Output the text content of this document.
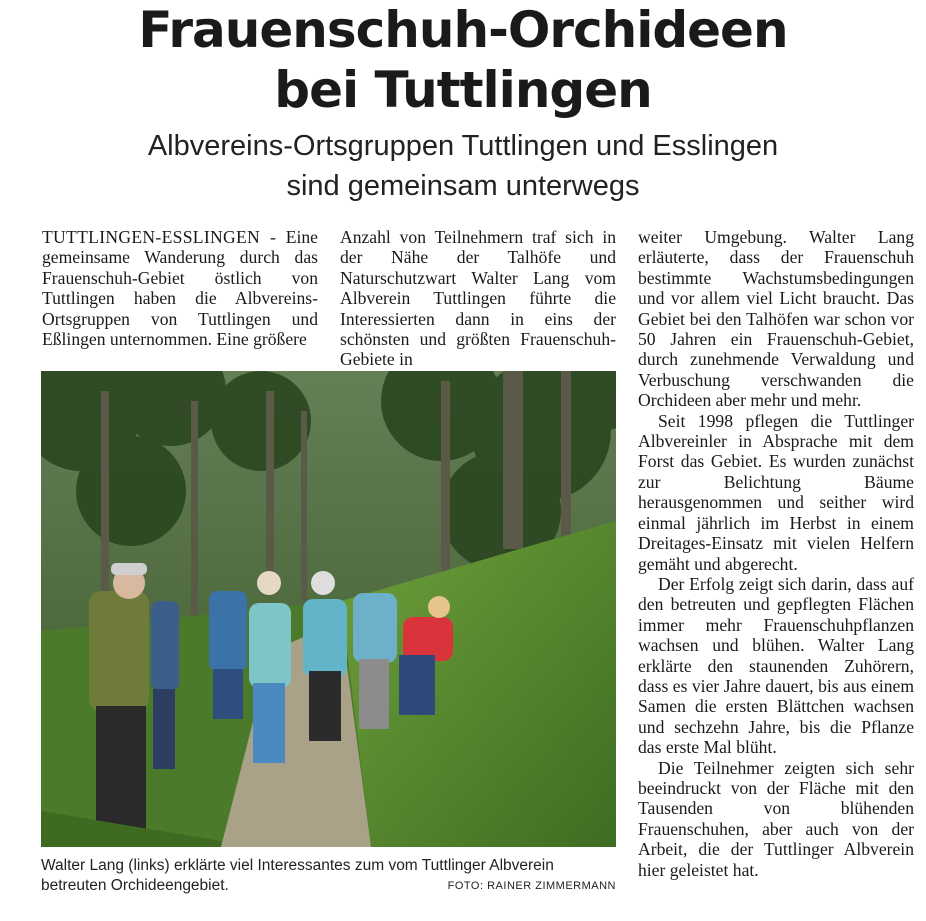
Frauenschuh-Orchideen
bei Tuttlingen
Albvereins-Ortsgruppen Tuttlingen und Esslingen
sind gemeinsam unterwegs

TUTTLINGEN-ESSLINGEN - Eine gemeinsame Wanderung durch das Frauenschuh-Gebiet östlich von Tuttlingen haben die Albvereins-Ortsgruppen von Tuttlingen und Eßlingen unternommen. Eine größere

Anzahl von Teilnehmern traf sich in der Nähe der Talhöfe und Naturschutzwart Walter Lang vom Albverein Tuttlingen führte die Interessierten dann in eins der schönsten und größten Frauenschuh-Gebiete in

weiter Umgebung. Walter Lang erläuterte, dass der Frauenschuh bestimmte Wachstumsbedingungen und vor allem viel Licht braucht. Das Gebiet bei den Talhöfen war schon vor 50 Jahren ein Frauenschuh-Gebiet, durch zunehmende Verwaldung und Verbuschung verschwanden die Orchideen aber mehr und mehr.

Seit 1998 pflegen die Tuttlinger Albvereinler in Absprache mit dem Forst das Gebiet. Es wurden zunächst zur Belichtung Bäume herausgenommen und seither wird einmal jährlich im Herbst in einem Dreitages-Einsatz mit vielen Helfern gemäht und abgerecht.

Der Erfolg zeigt sich darin, dass auf den betreuten und gepflegten Flächen immer mehr Frauenschuhpflanzen wachsen und blühen. Walter Lang erklärte den staunenden Zuhörern, dass es vier Jahre dauert, bis aus einem Samen die ersten Blättchen wachsen und sechzehn Jahre, bis die Pflanze das erste Mal blüht.

Die Teilnehmer zeigten sich sehr beeindruckt von der Fläche mit den Tausenden von blühenden Frauenschuhen, aber auch von der Arbeit, die der Tuttlinger Albverein hier geleistet hat.

Walter Lang (links) erklärte viel Interessantes zum vom Tuttlinger Albverein betreuten Orchideengebiet.	FOTO: RAINER ZIMMERMANN
